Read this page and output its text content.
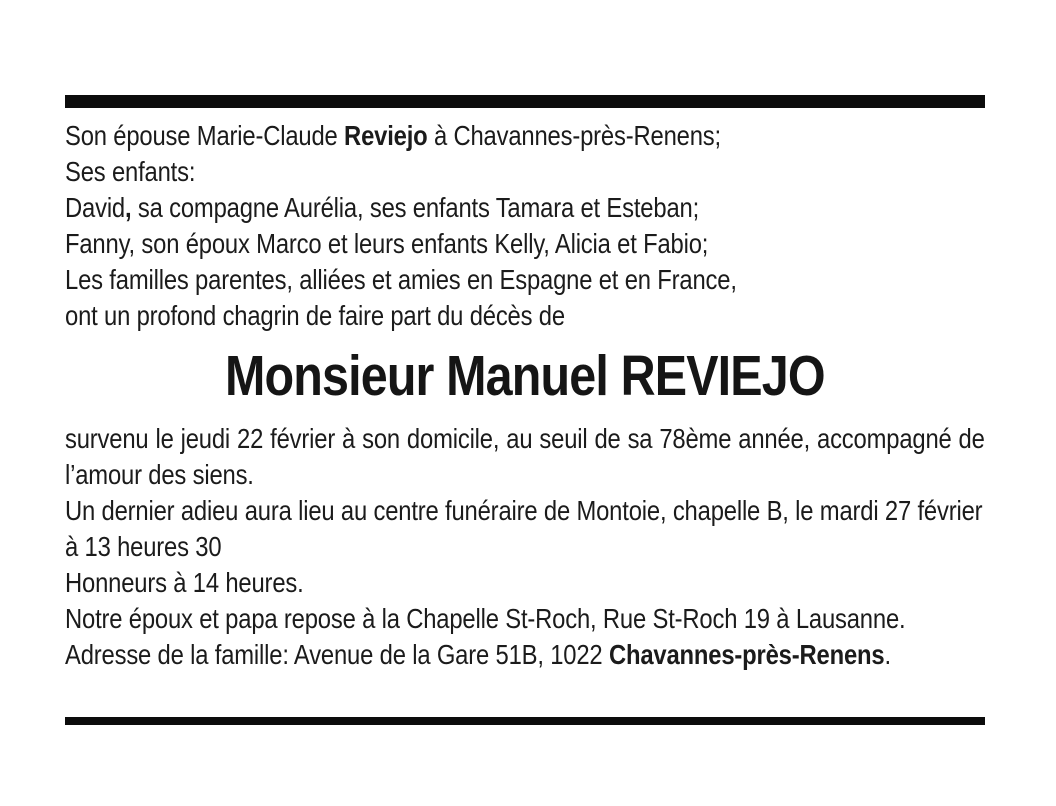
Son épouse Marie-Claude Reviejo à Chavannes-près-Renens;

Ses enfants:

David, sa compagne Aurélia, ses enfants Tamara et Esteban;

Fanny, son époux Marco et leurs enfants Kelly, Alicia et Fabio;

Les familles parentes, alliées et amies en Espagne et en France,

ont un profond chagrin de faire part du décès de

Monsieur Manuel REVIEJO

survenu le jeudi 22 février à son domicile, au seuil de sa 78ème année, accompagné de l’amour des siens.

Un dernier adieu aura lieu au centre funéraire de Montoie, chapelle B, le mardi 27 février à 13 heures 30

Honneurs à 14 heures.

Notre époux et papa repose à la Chapelle St-Roch, Rue St-Roch 19 à Lausanne.

Adresse de la famille: Avenue de la Gare 51B, 1022 Chavannes-près-Renens.
